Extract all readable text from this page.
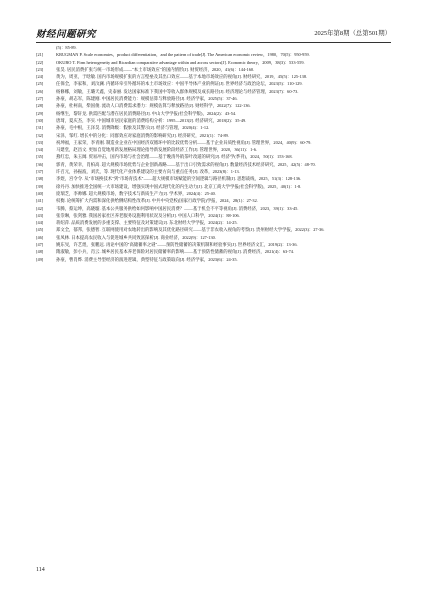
财经问题研究	2025年第8期（总第501期）
(5)：85-89.
[21]	KRUGMAN P. Scale economies，product differentiation，and the pattern of trade[J]. The American economic review，1980，70(5)：950-959.
[22]	OKUBO T. Firm heterogeneity and Ricardian comparative advantage within and across sectors[J]. Economic theory，2009，38(3)：533-559.
[23]	张昊. 居民消费扩张与统一市场形成——"本土市场效应"的国内情形[J]. 财贸经济，2020，41(6)：144-160.
[24]	黄为，周亚，于晗敏. 国内市场规模扩张的方言壁垒及其出口效应——基于本地市场效应的视角[J]. 财经研究，2019，45(5)：125-138.
[25]	任保全，李家和，刘汶澜. 内循环牵引外循环的本土市场效应：中国半导体产业的例证[J]. 世界经济与政治论坛，2023(5)：110-129.
[26]	杨修娜，刘敏，王璐天鑫，史泰丽. 发达国家标准下我国中等收入群体规模及成长路径[J]. 经济理论与经济管理，2023(7)：60-73.
[27]	孙豪，胡志军，陈建刚. 中国居民消费能力：规模估算与释放路径[J]. 经济学家，2025(5)：37-46.
[28]	孙豪，杜柯南，柴国俊. 流动人口消费需求潜力：规模估算与释放路径[J]. 财经科学，2022(7)：122-136.
[29]	杨继生，黎轩龙. 供需匹配与潜在居民消费路径[J]. 中山大学学报(社会科学版)，2024(2)：43-54.
[30]	唐琦，夏庆杰，李实. 中国城市居民家庭的消费结构分析：1995—2013[J]. 经济研究，2018(2)：35-49.
[31]	孙豪，毛中根，王泽昊. 消费降级：假象及其警示[J]. 经济与管理，2020(4)：1-12.
[32]	宋泽，邹红. 增长中的分化：同群效应对家庭消费的影响研究[J]. 经济研究，2021(1)：74-89.
[33]	祝坤福，王家荣，李青刚. 制造业企业在中国经济双循环中的比较优势分析——基于企业异质性视角[J]. 管理世界，2024，40(9)：60-79.
[34]	马建堂，赵昌文. 更加自觉地用新发展格局理论指导新发展阶段经济工作[J]. 管理世界，2020，36(11)：1-6.
[35]	燕红忠，朱玉阔. 贸易冲击，国内市场与社会治理——基于晚清外销茶叶改道的研究[J]. 经济学(季刊)，2024，50(1)：153-168.
[36]	郭青，黄荣幸，肖柏高. 超大规模市场优势与企业创新战略——基于出口引致需求的视角[J]. 数量经济技术经济研究，2025，42(5)：48-70.
[37]	许召元，孙振波，刘氏，等. 现代化产业体系建设的主要方向与重点任务[J]. 改革，2023(8)：1-13.
[38]	李煜，宫令令. 从"市场换技术"到"市场育技术"——超大规模市场赋能的空间逻辑与路径机制[J]. 思想战线，2025，51(3)：128-136.
[39]	徐丹丹. 加快推进全国统一大市场建设，增强实现中国式现代化的内生动力[J]. 北京工商大学学报(社会科学版)，2025，40(1)：1-8.
[40]	庞瑞芝，李帅娜. 超大规模市场，数字技术与新质生产力[J]. 学术界，2024(4)：25-40.
[41]	权衡. 论统筹扩大内需和深化供给侧结构性改革[J]. 中共中央党校(国家行政学院)学报，2024，28(1)：27-32.
[42]	韦腾，蔡运坤，高晓璇. 基本公共服务供给如何影响中国居民消费？——基于机会不平等视角[J]. 消费经济，2023，39(1)：33-45.
[43]	张崇琳，张剑雅. 我国居家社区养老服务设施利用状况及分析[J]. 中国人口科学，2024(1)：88-106.
[44]	蒋绍萍. 品质消费发展的多重支撑、主要特征及对策建议[J]. 东北财经大学学报，2024(2)：14-25.
[45]	郑文全，郁邦，张德智. 互联网使用对农地转出的影响及其优化路径研究——基于非农收入视角的考察[J]. 贵州财经大学学报，2022(3)：27-36.
[46]	张凤林. 日本提高农民收入与促进城乡共同致富探析[J]. 商业经济，2022(9)：127-130.
[47]	姚东旻，许艺煜，张鹏远. 再论中国的"高储蓄率之谜"——预防性储蓄的决策机制和经验事实[J]. 世界经济文汇，2019(2)：13-36.
[48]	隋淑敏，彭小兵，肖云. 城乡居民基本养老保险对居民储蓄率的影响——基于预防性储蓄的视角[J]. 消费经济，2021(4)：63-74.
[49]	孙豪，曹肖烨. 消费主导型经济的演进逻辑，典型特征与政策取向[J]. 经济学家，2023(6)：24-35.
114
